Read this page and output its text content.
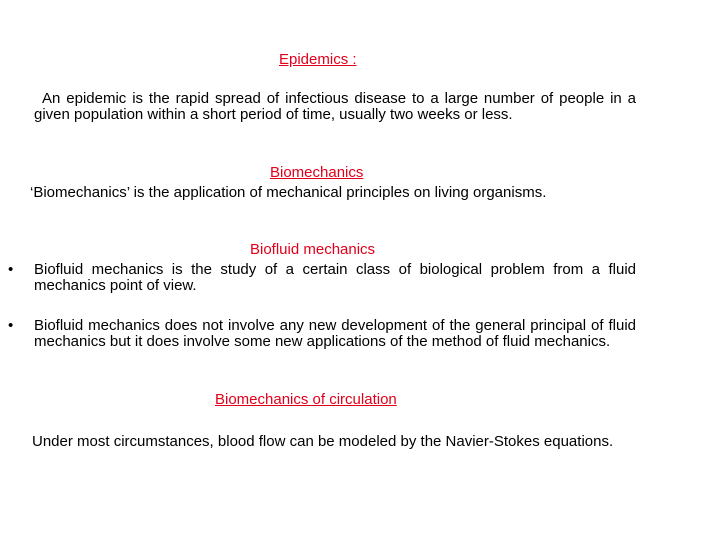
Epidemics :
An epidemic is the rapid spread of infectious disease to a large number of people in a given population within a short period of time, usually two weeks or less.
Biomechanics
‘Biomechanics’ is the application of mechanical principles on living organisms.
Biofluid mechanics
• Biofluid mechanics is the study of a certain class of biological problem from a fluid mechanics point of view.
• Biofluid mechanics does not involve any new development of the general principal of fluid mechanics but it does involve some new applications of the method of fluid mechanics.
Biomechanics of circulation
Under most circumstances, blood flow can be modeled by the Navier-Stokes equations.
